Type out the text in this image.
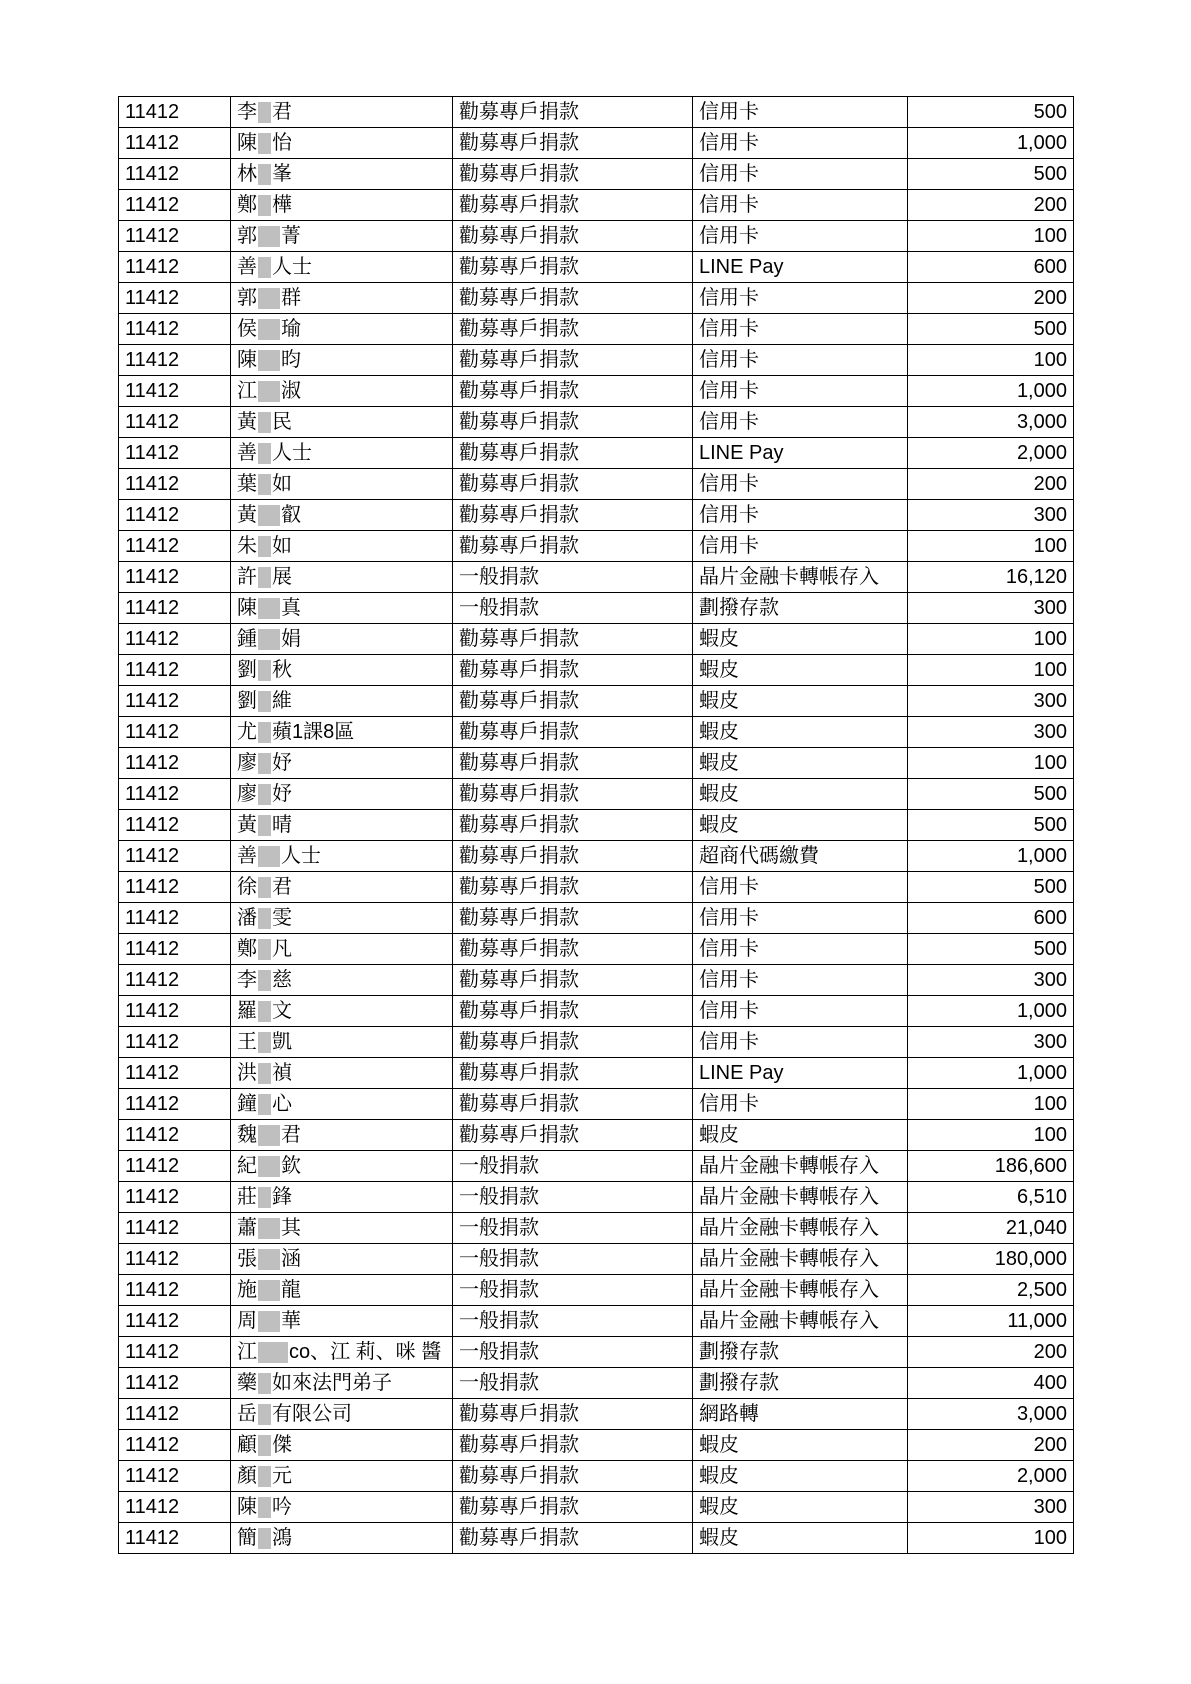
11412	李 君	勸募專戶捐款	信用卡	500
11412	陳 怡	勸募專戶捐款	信用卡	1,000
11412	林 峯	勸募專戶捐款	信用卡	500
11412	鄭 樺	勸募專戶捐款	信用卡	200
11412	郭 菁	勸募專戶捐款	信用卡	100
11412	善 人士	勸募專戶捐款	LINE Pay	600
11412	郭 群	勸募專戶捐款	信用卡	200
11412	侯 瑜	勸募專戶捐款	信用卡	500
11412	陳 昀	勸募專戶捐款	信用卡	100
11412	江 淑	勸募專戶捐款	信用卡	1,000
11412	黃 民	勸募專戶捐款	信用卡	3,000
11412	善 人士	勸募專戶捐款	LINE Pay	2,000
11412	葉 如	勸募專戶捐款	信用卡	200
11412	黃 叡	勸募專戶捐款	信用卡	300
11412	朱 如	勸募專戶捐款	信用卡	100
11412	許 展	一般捐款	晶片金融卡轉帳存入	16,120
11412	陳 真	一般捐款	劃撥存款	300
11412	鍾 娟	勸募專戶捐款	蝦皮	100
11412	劉 秋	勸募專戶捐款	蝦皮	100
11412	劉 維	勸募專戶捐款	蝦皮	300
11412	尤 蘋1課8區	勸募專戶捐款	蝦皮	300
11412	廖 妤	勸募專戶捐款	蝦皮	100
11412	廖 妤	勸募專戶捐款	蝦皮	500
11412	黃 晴	勸募專戶捐款	蝦皮	500
11412	善 人士	勸募專戶捐款	超商代碼繳費	1,000
11412	徐 君	勸募專戶捐款	信用卡	500
11412	潘 雯	勸募專戶捐款	信用卡	600
11412	鄭 凡	勸募專戶捐款	信用卡	500
11412	李 慈	勸募專戶捐款	信用卡	300
11412	羅 文	勸募專戶捐款	信用卡	1,000
11412	王 凱	勸募專戶捐款	信用卡	300
11412	洪 禎	勸募專戶捐款	LINE Pay	1,000
11412	鐘 心	勸募專戶捐款	信用卡	100
11412	魏 君	勸募專戶捐款	蝦皮	100
11412	紀 欽	一般捐款	晶片金融卡轉帳存入	186,600
11412	莊 鋒	一般捐款	晶片金融卡轉帳存入	6,510
11412	蕭 其	一般捐款	晶片金融卡轉帳存入	21,040
11412	張 涵	一般捐款	晶片金融卡轉帳存入	180,000
11412	施 龍	一般捐款	晶片金融卡轉帳存入	2,500
11412	周 華	一般捐款	晶片金融卡轉帳存入	11,000
11412	江 co、江 莉、咪 醬	一般捐款	劃撥存款	200
11412	藥 如來法門弟子	一般捐款	劃撥存款	400
11412	岳 有限公司	勸募專戶捐款	網路轉	3,000
11412	顧 傑	勸募專戶捐款	蝦皮	200
11412	顏 元	勸募專戶捐款	蝦皮	2,000
11412	陳 吟	勸募專戶捐款	蝦皮	300
11412	簡 鴻	勸募專戶捐款	蝦皮	100
